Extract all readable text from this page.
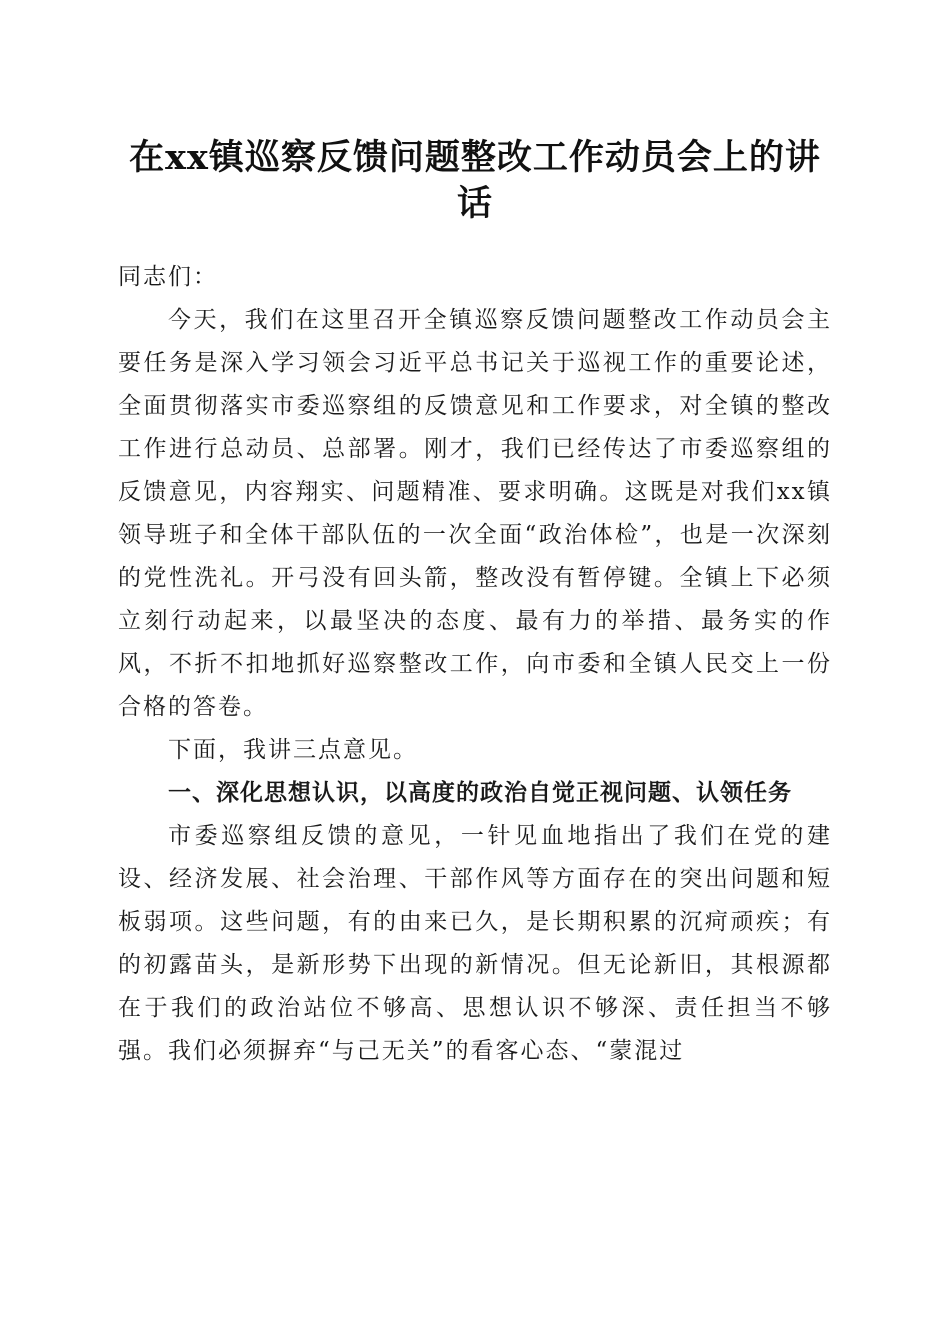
在xx镇巡察反馈问题整改工作动员会上的讲话

同志们：

今天，我们在这里召开全镇巡察反馈问题整改工作动员会主要任务是深入学习领会习近平总书记关于巡视工作的重要论述，全面贯彻落实市委巡察组的反馈意见和工作要求，对全镇的整改工作进行总动员、总部署。刚才，我们已经传达了市委巡察组的反馈意见，内容翔实、问题精准、要求明确。这既是对我们xx镇领导班子和全体干部队伍的一次全面“政治体检”，也是一次深刻的党性洗礼。开弓没有回头箭，整改没有暂停键。全镇上下必须立刻行动起来，以最坚决的态度、最有力的举措、最务实的作风，不折不扣地抓好巡察整改工作，向市委和全镇人民交上一份合格的答卷。

下面，我讲三点意见。

一、深化思想认识，以高度的政治自觉正视问题、认领任务

市委巡察组反馈的意见，一针见血地指出了我们在党的建设、经济发展、社会治理、干部作风等方面存在的突出问题和短板弱项。这些问题，有的由来已久，是长期积累的沉疴顽疾；有的初露苗头，是新形势下出现的新情况。但无论新旧，其根源都在于我们的政治站位不够高、思想认识不够深、责任担当不够强。我们必须摒弃“与己无关”的看客心态、“蒙混过
